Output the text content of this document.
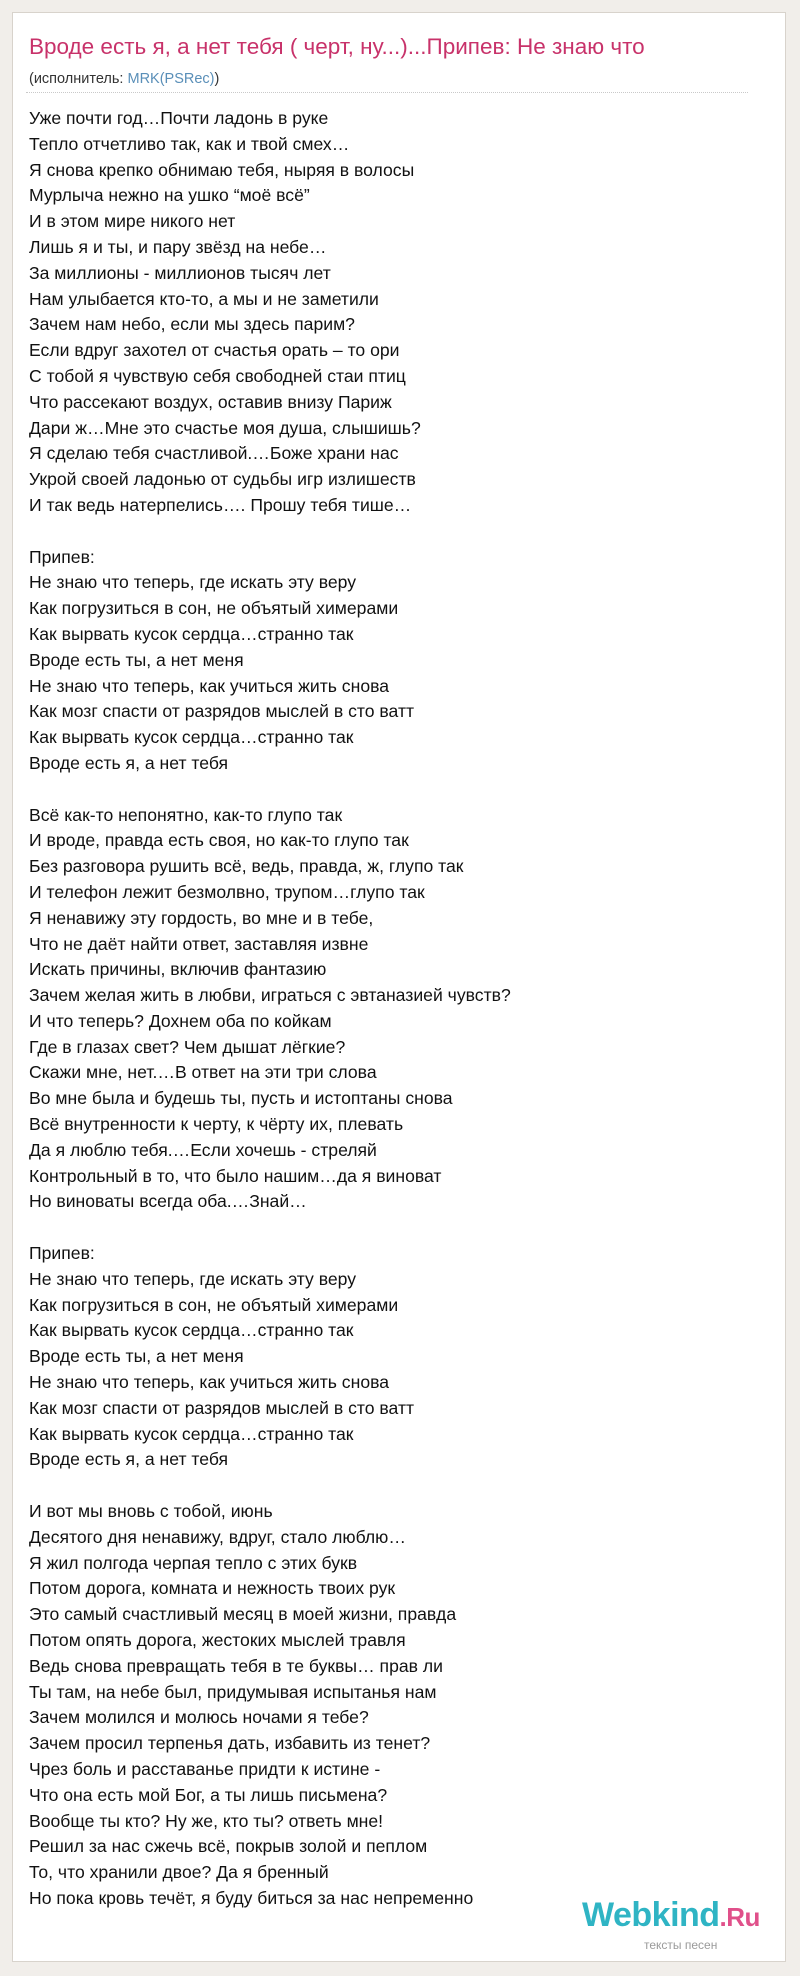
Вроде есть я, а нет тебя ( черт, ну...)...Припев: Не знаю что
(исполнитель: MRK(PSRec))
Уже почти год…Почти ладонь в руке
Тепло отчетливо так, как и твой смех…
Я снова крепко обнимаю тебя, ныряя в волосы
Мурлыча нежно на ушко “моё всё”
И в этом мире никого нет
Лишь я и ты, и пару звёзд на небе…
За миллионы - миллионов тысяч лет
Нам улыбается кто-то, а мы и не заметили
Зачем нам небо, если мы здесь парим?
Если вдруг захотел от счастья орать – то ори
С тобой я чувствую себя свободней стаи птиц
Что рассекают воздух, оставив внизу Париж
Дари ж…Мне это счастье моя душа, слышишь?
Я сделаю тебя счастливой.…Боже храни нас
Укрой своей ладонью от судьбы игр излишеств
И так ведь натерпелись…. Прошу тебя тише…
Припев:
Не знаю что теперь, где искать эту веру
Как погрузиться в сон, не объятый химерами
Как вырвать кусок сердца…странно так
Вроде есть ты, а нет меня
Не знаю что теперь, как учиться жить снова
Как мозг спасти от разрядов мыслей в сто ватт
Как вырвать кусок сердца…странно так
Вроде есть я, а нет тебя
Всё как-то непонятно, как-то глупо так
И вроде, правда есть своя, но как-то глупо так
Без разговора рушить всё, ведь, правда, ж, глупо так
И телефон лежит безмолвно, трупом…глупо так
Я ненавижу эту гордость, во мне и в тебе,
Что не даёт найти ответ, заставляя извне
Искать причины, включив фантазию
Зачем желая жить в любви, играться с эвтаназией чувств?
И что теперь? Дохнем оба по койкам
Где в глазах свет? Чем дышат лёгкие?
Скажи мне, нет.…В ответ на эти три слова
Во мне была и будешь ты, пусть и истоптаны снова
Всё внутренности к черту, к чёрту их, плевать
Да я люблю тебя.…Если хочешь - стреляй
Контрольный в то, что было нашим…да я виноват
Но виноваты всегда оба.…Знай…
Припев:
Не знаю что теперь, где искать эту веру
Как погрузиться в сон, не объятый химерами
Как вырвать кусок сердца…странно так
Вроде есть ты, а нет меня
Не знаю что теперь, как учиться жить снова
Как мозг спасти от разрядов мыслей в сто ватт
Как вырвать кусок сердца…странно так
Вроде есть я, а нет тебя
И вот мы вновь с тобой, июнь
Десятого дня ненавижу, вдруг, стало люблю…
Я жил полгода черпая тепло с этих букв
Потом дорога, комната и нежность твоих рук
Это самый счастливый месяц в моей жизни, правда
Потом опять дорога, жестоких мыслей травля
Ведь снова превращать тебя в те буквы… прав ли
Ты там, на небе был, придумывая испытанья нам
Зачем молился и молюсь ночами я тебе?
Зачем просил терпенья дать, избавить из тенет?
Чрез боль и расставанье придти к истине -
Что она есть мой Бог, а ты лишь письмена?
Вообще ты кто? Ну же, кто ты? ответь мне!
Решил за нас сжечь всё, покрыв золой и пеплом
То, что хранили двое? Да я бренный
Но пока кровь течёт, я буду биться за нас непременно	Webkind.Ru
тексты песен
